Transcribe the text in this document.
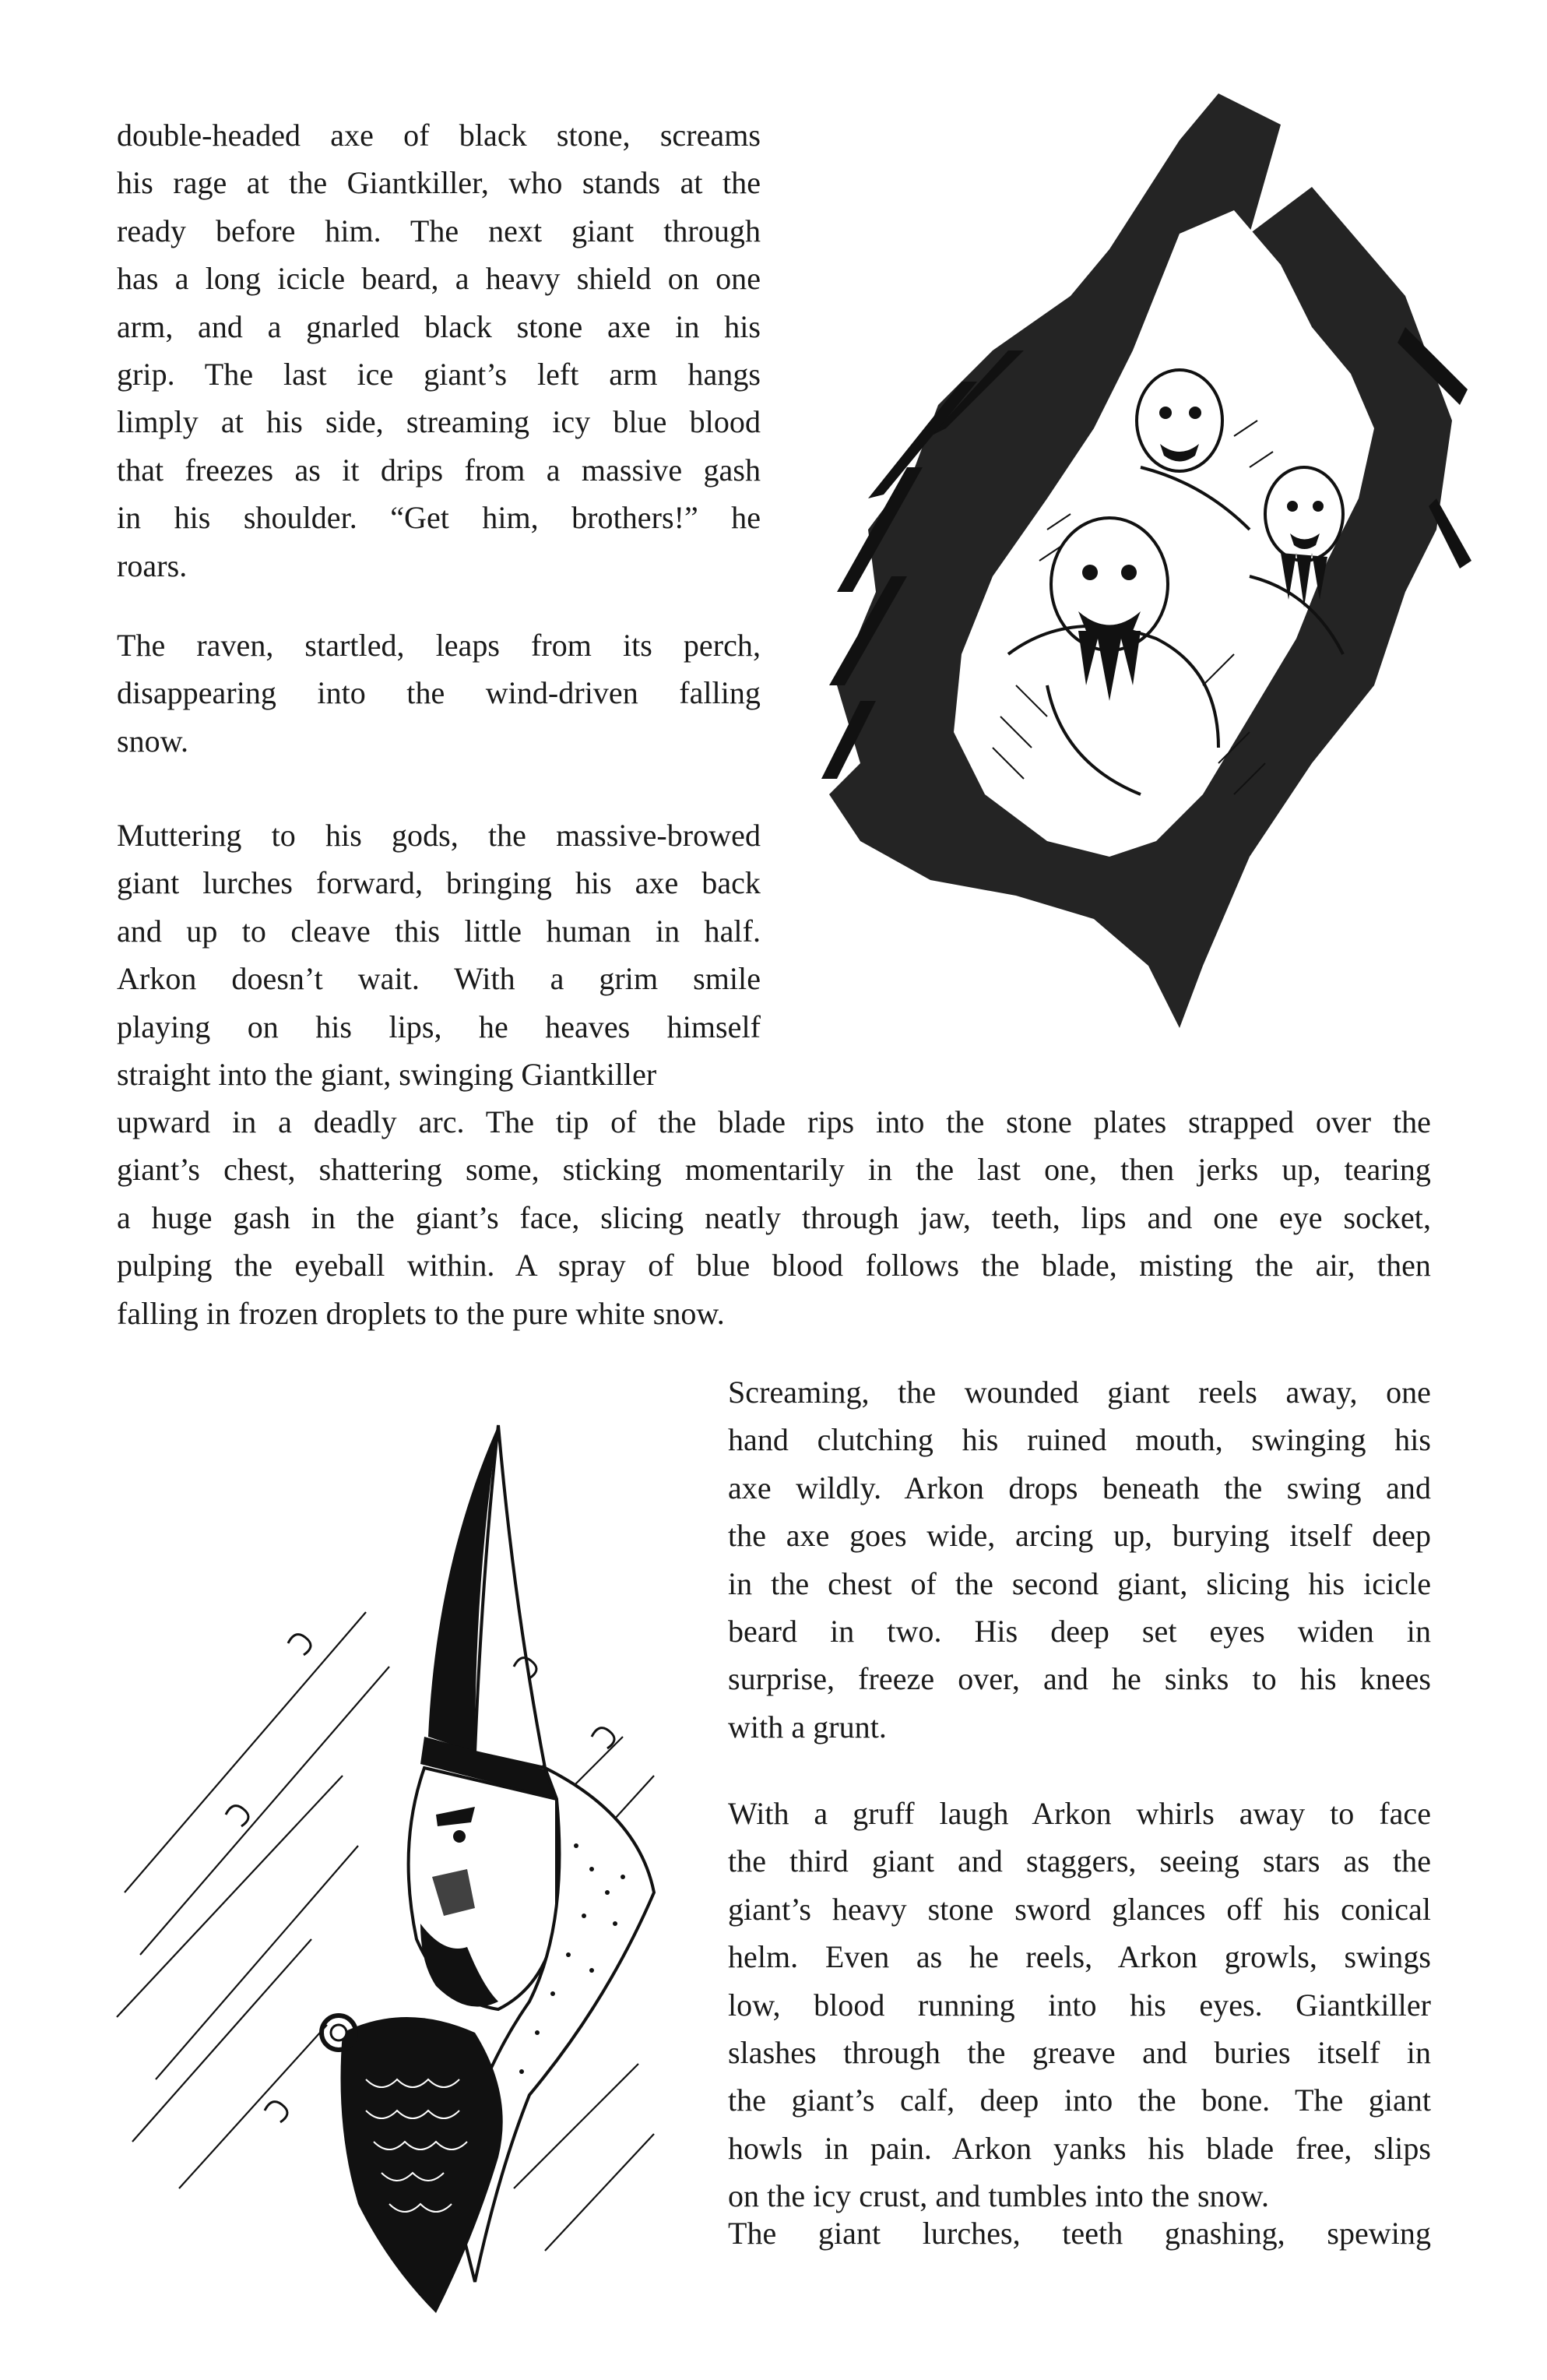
double-headed axe of black stone, screams
his rage at the Giantkiller, who stands at the
ready before him. The next giant through
has a long icicle beard, a heavy shield on one
arm, and a gnarled black stone axe in his
grip. The last ice giant’s left arm hangs
limply at his side, streaming icy blue blood
that freezes as it drips from a massive gash
in his shoulder. “Get him, brothers!” he
roars.
The raven, startled, leaps from its perch,
disappearing into the wind-driven falling
snow.
Muttering to his gods, the massive-browed
giant lurches forward, bringing his axe back
and up to cleave this little human in half.
Arkon doesn’t wait. With a grim smile
playing on his lips, he heaves himself
straight into the giant, swinging Giantkiller
upward in a deadly arc. The tip of the blade rips into the stone plates strapped over the
giant’s chest, shattering some, sticking momentarily in the last one, then jerks up, tearing
a huge gash in the giant’s face, slicing neatly through jaw, teeth, lips and one eye socket,
pulping the eyeball within. A spray of blue blood follows the blade, misting the air, then
falling in frozen droplets to the pure white snow.
Screaming, the wounded giant reels away, one
hand clutching his ruined mouth, swinging his
axe wildly. Arkon drops beneath the swing and
the axe goes wide, arcing up, burying itself deep
in the chest of the second giant, slicing his icicle
beard in two. His deep set eyes widen in
surprise, freeze over, and he sinks to his knees
with a grunt.
With a gruff laugh Arkon whirls away to face
the third giant and staggers, seeing stars as the
giant’s heavy stone sword glances off his conical
helm. Even as he reels, Arkon growls, swings
low, blood running into his eyes. Giantkiller
slashes through the greave and buries itself in
the giant’s calf, deep into the bone. The giant
howls in pain. Arkon yanks his blade free, slips
on the icy crust, and tumbles into the snow.
The giant lurches, teeth gnashing, spewing
